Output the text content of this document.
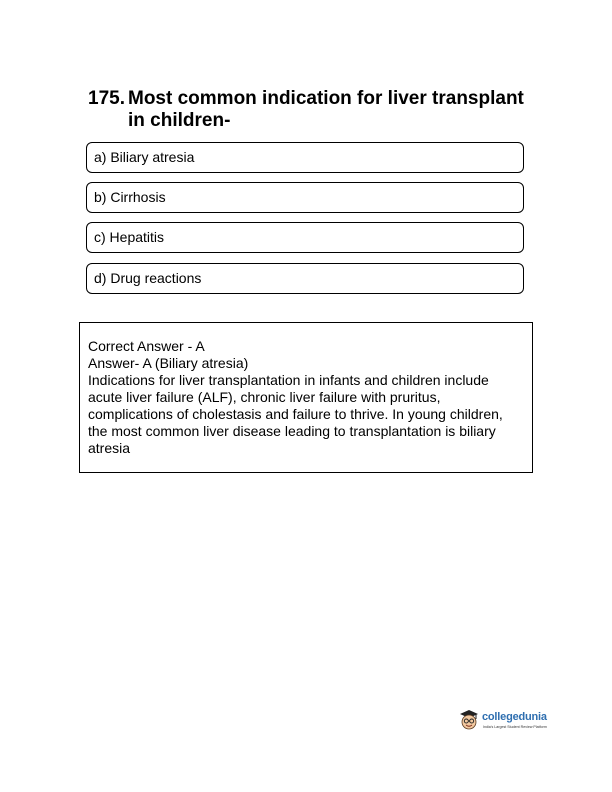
175. Most common indication for liver transplant in children-
a) Biliary atresia
b) Cirrhosis
c) Hepatitis
d) Drug reactions
Correct Answer - A
Answer- A (Biliary atresia)
Indications for liver transplantation in infants and children include acute liver failure (ALF), chronic liver failure with pruritus, complications of cholestasis and failure to thrive. In young children, the most common liver disease leading to transplantation is biliary atresia
collegedunia
India's Largest Student Review Platform
